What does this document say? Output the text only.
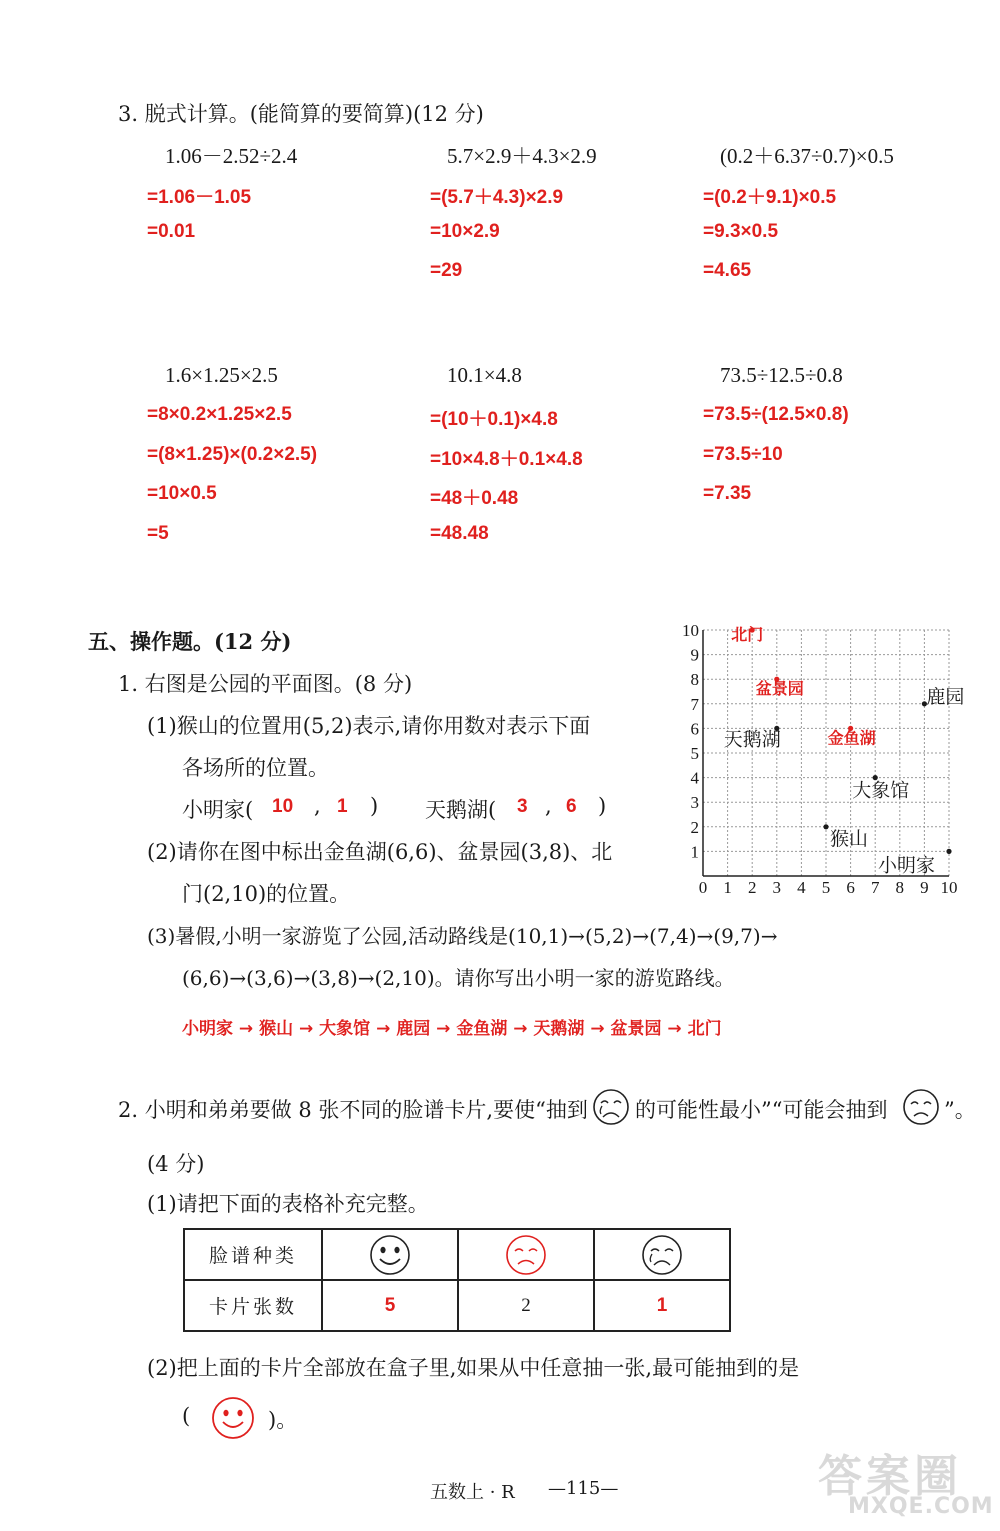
3. 脱式计算。(能简算的要简算)(12 分)
1.06－2.52÷2.4
=1.06－1.05
=0.01
5.7×2.9＋4.3×2.9
=(5.7＋4.3)×2.9
=10×2.9
=29
(0.2＋6.37÷0.7)×0.5
=(0.2＋9.1)×0.5
=9.3×0.5
=4.65
1.6×1.25×2.5
=8×0.2×1.25×2.5
=(8×1.25)×(0.2×2.5)
=10×0.5
=5
10.1×4.8
=(10＋0.1)×4.8
=10×4.8＋0.1×4.8
=48＋0.48
=48.48
73.5÷12.5÷0.8
=73.5÷(12.5×0.8)
=73.5÷10
=7.35
五、操作题。(12 分)
1. 右图是公园的平面图。(8 分)
(1)猴山的位置用(5,2)表示,请你用数对表示下面
各场所的位置。
小明家( 10 , 1 ) 天鹅湖( 3 , 6 )
(2)请你在图中标出金鱼湖(6,6)、盆景园(3,8)、北
门(2,10)的位置。	0 1 2 3 4 5 6 7 8 9 10
1
2
3
4
5
6
7
8
9
10 北门
盆景园	鹿园
天鹅湖	金鱼湖
大象馆
猴山
小明家
(3)暑假,小明一家游览了公园,活动路线是(10,1)→(5,2)→(7,4)→(9,7)→
(6,6)→(3,6)→(3,8)→(2,10)。请你写出小明一家的游览路线。
小明家 → 猴山 → 大象馆 → 鹿园 → 金鱼湖 → 天鹅湖 → 盆景园 → 北门
2. 小明和弟弟要做 8 张不同的脸谱卡片,要使“抽到 的可能性最小”“可能会抽到	”。
(4 分)
(1)请把下面的表格补充完整。
脸谱种类			
卡片张数	5	2	1
(2)把上面的卡片全部放在盒子里,如果从中任意抽一张,最可能抽到的是
(	)。
五数上 · R —115—	答案圈
MXQE.COM
